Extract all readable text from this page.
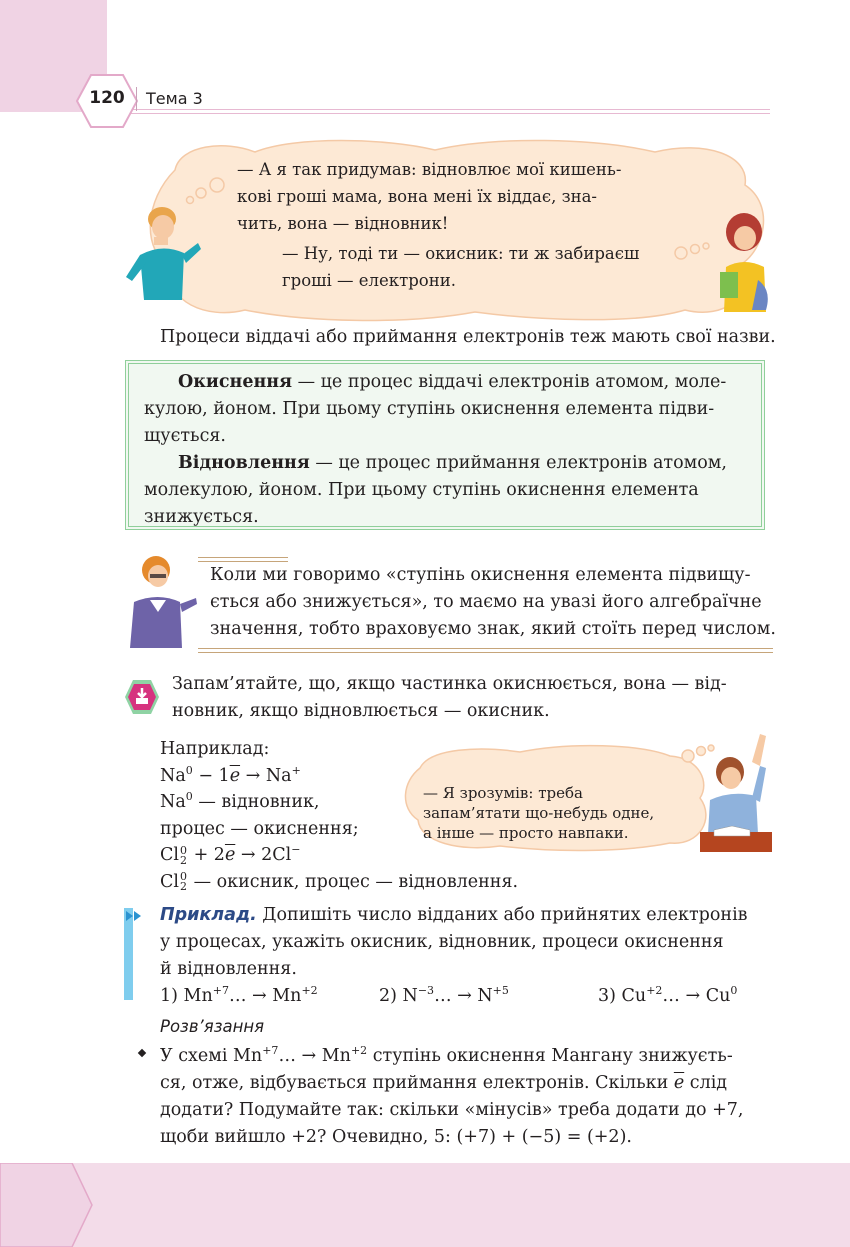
120	Тема 3
— А я так придумав: відновлює мої кишень-
кові гроші мама, вона мені їх віддає, зна-
чить, вона — відновник!
— Ну, тоді ти — окисник: ти ж забираєш
гроші — електрони.
Процеси віддачі або приймання електронів теж мають свої назви.
Окиснення — це процес віддачі електронів атомом, моле-
кулою, йоном. При цьому ступінь окиснення елемента підви-
щується.
Відновлення — це процес приймання електронів атомом,
молекулою, йоном. При цьому ступінь окиснення елемента
знижується.
Коли ми говоримо «ступінь окиснення елемента підвищу-
ється або знижується», то маємо на увазі його алгебраїчне
значення, тобто враховуємо знак, який стоїть перед числом.
Запам’ятайте, що, якщо частинка окиснюється, вона — від-
новник, якщо відновлюється — окисник.
Наприклад:
$Na^0 - 1\overline{e} \to Na^+$
Na$^0$ — відновник,
процес — окиснення;
Cl 0
$2 + 2\overline{e} \to 2Cl^-$
Cl 0
2 — окисник, процес — відновлення.
— Я зрозумів: треба
запам’ятати що-небудь одне,
а інше — просто навпаки.
Приклад. Допишіть число відданих або прийнятих електронів
у процесах, укажіть окисник, відновник, процеси окиснення
й відновлення.
1) $Mn^{+7}\dots \to Mn^{+2}$	2) $N^{-3}\dots \to N^{+5}$	3) $Cu^{+2}\dots \to Cu^0$
Розв’язання
У схемі $Mn^{+7}\dots \to Mn^{+2}$ ступінь окиснення Мангану знижуєть-
ся, отже, відбувається приймання електронів. Скільки $\overline{e}$ слід
додати? Подумайте так: скільки «мінусів» треба додати до +7,
щоби вийшло +2? Очевидно, 5: (+7) + (−5) = (+2).
